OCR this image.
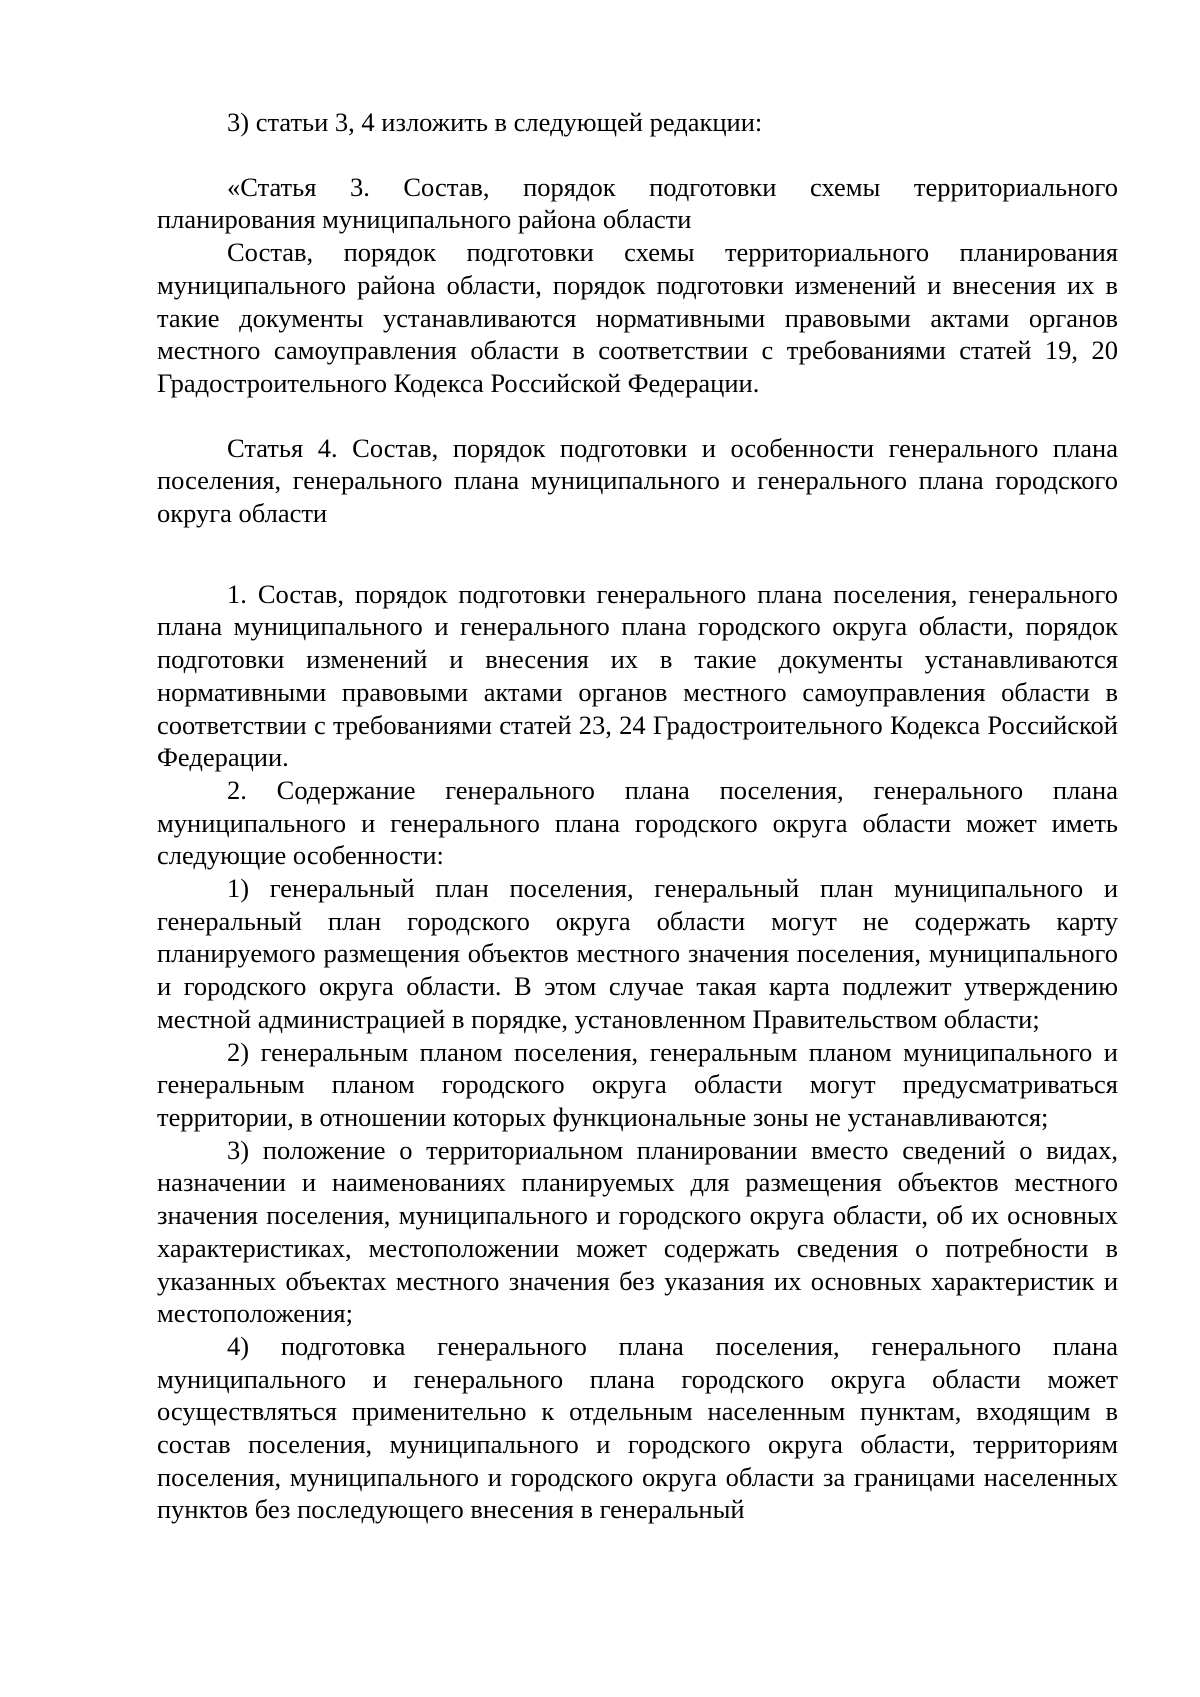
3) статьи 3, 4 изложить в следующей редакции:

«Статья 3. Состав, порядок подготовки схемы территориального планирования муниципального района области

Состав, порядок подготовки схемы территориального планирования муниципального района области, порядок подготовки изменений и внесения их в такие документы устанавливаются нормативными правовыми актами органов местного самоуправления области в соответствии с требованиями статей 19, 20 Градостроительного Кодекса Российской Федерации.

Статья 4. Состав, порядок подготовки и особенности генерального плана поселения, генерального плана муниципального и генерального плана городского округа области

1. Состав, порядок подготовки генерального плана поселения, генерального плана муниципального и генерального плана городского округа области, порядок подготовки изменений и внесения их в такие документы устанавливаются нормативными правовыми актами органов местного самоуправления области в соответствии с требованиями статей 23, 24 Градостроительного Кодекса Российской Федерации.

2. Содержание генерального плана поселения, генерального плана муниципального и генерального плана городского округа области может иметь следующие особенности:

1) генеральный план поселения, генеральный план муниципального и генеральный план городского округа области могут не содержать карту планируемого размещения объектов местного значения поселения, муниципального и городского округа области. В этом случае такая карта подлежит утверждению местной администрацией в порядке, установленном Правительством области;

2) генеральным планом поселения, генеральным планом муниципального и генеральным планом городского округа области могут предусматриваться территории, в отношении которых функциональные зоны не устанавливаются;

3) положение о территориальном планировании вместо сведений о видах, назначении и наименованиях планируемых для размещения объектов местного значения поселения, муниципального и городского округа области, об их основных характеристиках, местоположении может содержать сведения о потребности в указанных объектах местного значения без указания их основных характеристик и местоположения;

4) подготовка генерального плана поселения, генерального плана муниципального и генерального плана городского округа области может осуществляться применительно к отдельным населенным пунктам, входящим в состав поселения, муниципального и городского округа области, территориям поселения, муниципального и городского округа области за границами населенных пунктов без последующего внесения в генеральный
